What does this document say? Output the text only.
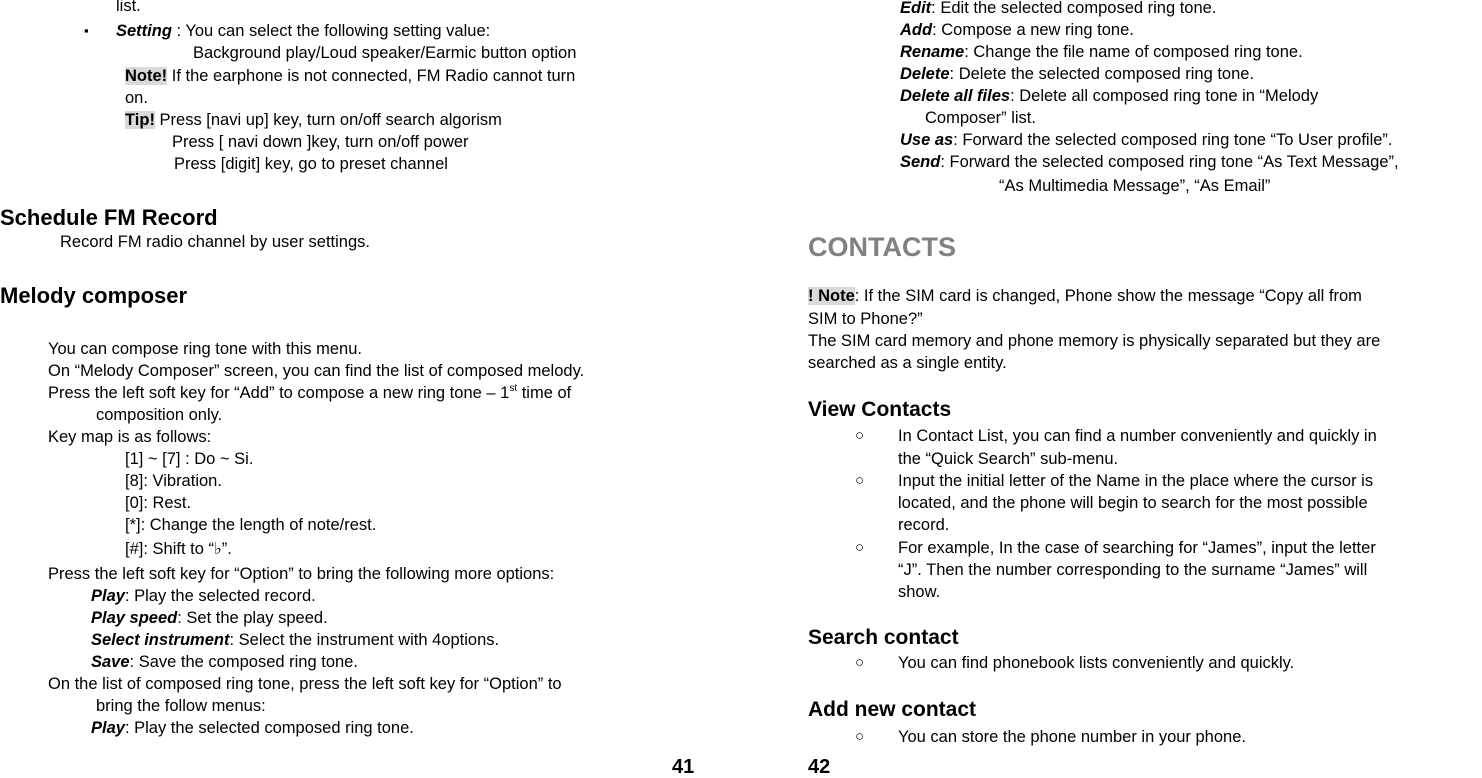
list.
▪ Setting : You can select the following setting value:
Background play/Loud speaker/Earmic button option
Note! If the earphone is not connected, FM Radio cannot turn
on.
Tip! Press [navi up] key, turn on/off search algorism
Press [ navi down ]key, turn on/off power
Press [digit] key, go to preset channel
Schedule FM Record
Record FM radio channel by user settings.
Melody composer
You can compose ring tone with this menu.
On “Melody Composer” screen, you can find the list of composed melody.
Press the left soft key for “Add” to compose a new ring tone – 1st time of
composition only.
Key map is as follows:
[1] ~ [7] : Do ~ Si.
[8]: Vibration.
[0]: Rest.
[*]: Change the length of note/rest.
[#]: Shift to “♭”.
Press the left soft key for “Option” to bring the following more options:
Play: Play the selected record.
Play speed: Set the play speed.
Select instrument: Select the instrument with 4options.
Save: Save the composed ring tone.
On the list of composed ring tone, press the left soft key for “Option” to
bring the follow menus:
Play: Play the selected composed ring tone.
41
Edit: Edit the selected composed ring tone.
Add: Compose a new ring tone.
Rename: Change the file name of composed ring tone.
Delete: Delete the selected composed ring tone.
Delete all files: Delete all composed ring tone in “Melody
Composer” list.
Use as: Forward the selected composed ring tone “To User profile”.
Send: Forward the selected composed ring tone “As Text Message”,
“As Multimedia Message”, “As Email”
CONTACTS
! Note: If the SIM card is changed, Phone show the message “Copy all from
SIM to Phone?”
The SIM card memory and phone memory is physically separated but they are
searched as a single entity.
View Contacts
○ In Contact List, you can find a number conveniently and quickly in
the “Quick Search” sub-menu.
○ Input the initial letter of the Name in the place where the cursor is
located, and the phone will begin to search for the most possible
record.
○ For example, In the case of searching for “James”, input the letter
“J”. Then the number corresponding to the surname “James” will
show.
Search contact
○ You can find phonebook lists conveniently and quickly.
Add new contact
○ You can store the phone number in your phone.
42
